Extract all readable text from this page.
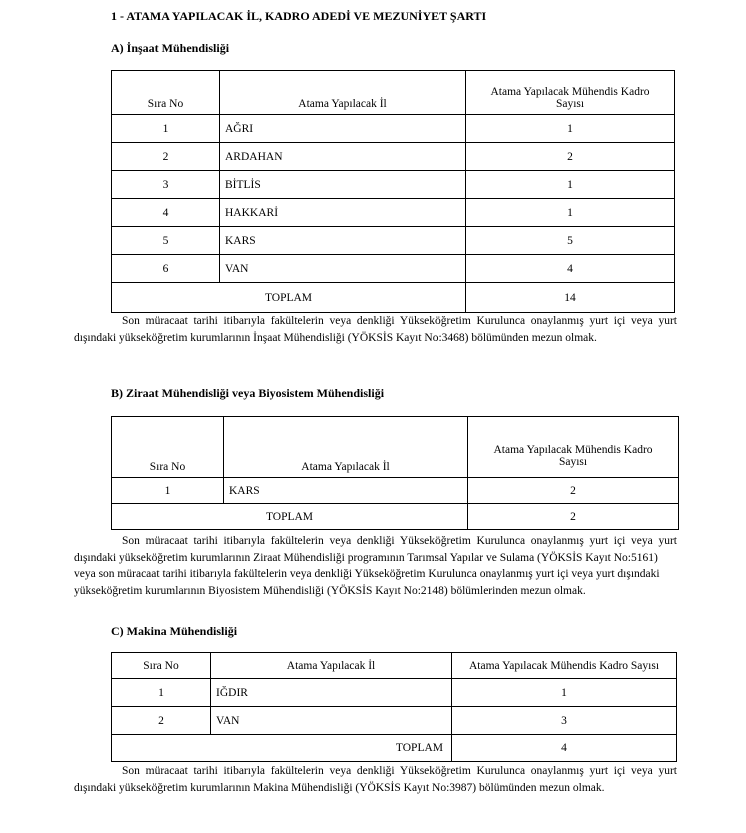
1 - ATAMA YAPILACAK İL, KADRO ADEDİ VE MEZUNİYET ŞARTI
A) İnşaat Mühendisliği
Sıra No	Atama Yapılacak İl	Atama Yapılacak Mühendis Kadro
Sayısı
1	AĞRI	1
2	ARDAHAN	2
3	BİTLİS	1
4	HAKKARİ	1
5	KARS	5
6	VAN	4
TOPLAM		14
Son müracaat tarihi itibarıyla fakültelerin veya denkliği Yükseköğretim Kurulunca onaylanmış yurt içi veya yurt
dışındaki yükseköğretim kurumlarının İnşaat Mühendisliği (YÖKSİS Kayıt No:3468) bölümünden mezun olmak.
B) Ziraat Mühendisliği veya Biyosistem Mühendisliği
Sıra No	Atama Yapılacak İl	Atama Yapılacak Mühendis Kadro
Sayısı
1	KARS	2
TOPLAM		2
Son müracaat tarihi itibarıyla fakültelerin veya denkliği Yükseköğretim Kurulunca onaylanmış yurt içi veya yurt
dışındaki yükseköğretim kurumlarının Ziraat Mühendisliği programının Tarımsal Yapılar ve Sulama (YÖKSİS Kayıt No:5161)
veya son müracaat tarihi itibarıyla fakültelerin veya denkliği Yükseköğretim Kurulunca onaylanmış yurt içi veya yurt dışındaki
yükseköğretim kurumlarının Biyosistem Mühendisliği (YÖKSİS Kayıt No:2148) bölümlerinden mezun olmak.
C) Makina Mühendisliği
Sıra No	Atama Yapılacak İl	Atama Yapılacak Mühendis Kadro Sayısı
1	IĞDIR	1
2	VAN	3
TOPLAM		4
Son müracaat tarihi itibarıyla fakültelerin veya denkliği Yükseköğretim Kurulunca onaylanmış yurt içi veya yurt
dışındaki yükseköğretim kurumlarının Makina Mühendisliği (YÖKSİS Kayıt No:3987) bölümünden mezun olmak.
